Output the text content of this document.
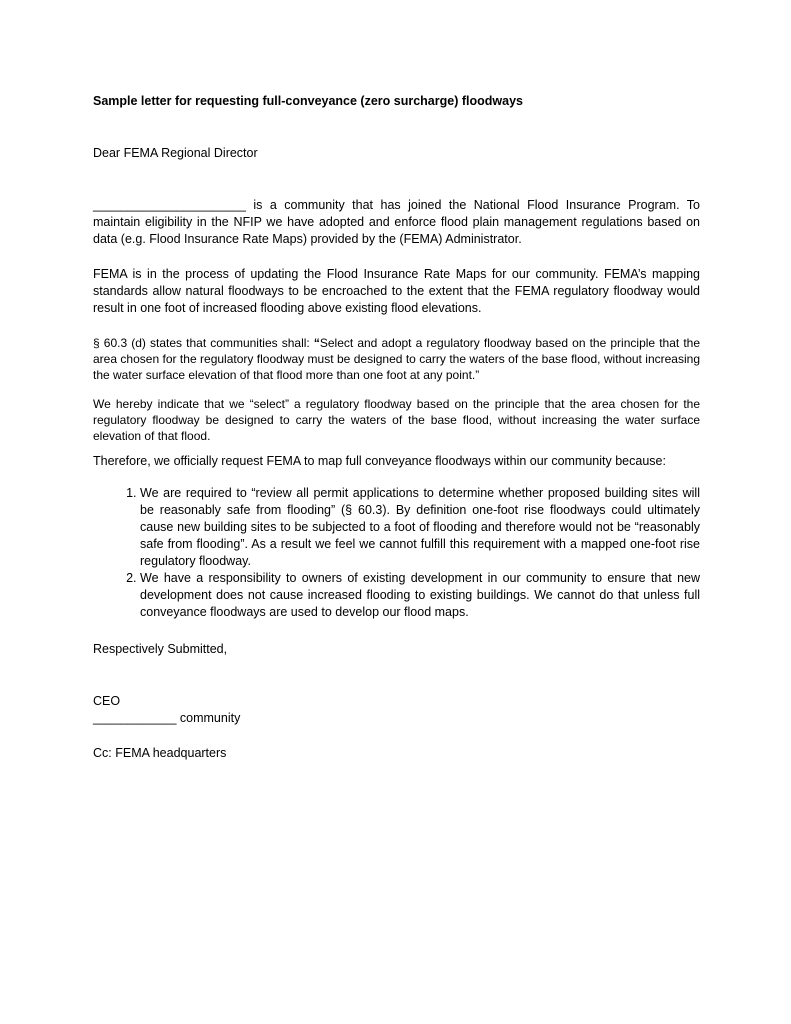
Sample letter for requesting full-conveyance (zero surcharge) floodways

Dear FEMA Regional Director

______________________ is a community that has joined the National Flood Insurance Program. To maintain eligibility in the NFIP we have adopted and enforce flood plain management regulations based on data (e.g. Flood Insurance Rate Maps) provided by the (FEMA) Administrator.

FEMA is in the process of updating the Flood Insurance Rate Maps for our community. FEMA’s mapping standards allow natural floodways to be encroached to the extent that the FEMA regulatory floodway would result in one foot of increased flooding above existing flood elevations.

§ 60.3 (d) states that communities shall: “Select and adopt a regulatory floodway based on the principle that the area chosen for the regulatory floodway must be designed to carry the waters of the base flood, without increasing the water surface elevation of that flood more than one foot at any point.”

We hereby indicate that we “select” a regulatory floodway based on the principle that the area chosen for the regulatory floodway be designed to carry the waters of the base flood, without increasing the water surface elevation of that flood.

Therefore, we officially request FEMA to map full conveyance floodways within our community because:

1. We are required to “review all permit applications to determine whether proposed building sites will be reasonably safe from flooding” (§ 60.3). By definition one-foot rise floodways could ultimately cause new building sites to be subjected to a foot of flooding and therefore would not be “reasonably safe from flooding”. As a result we feel we cannot fulfill this requirement with a mapped one-foot rise regulatory floodway.
2. We have a responsibility to owners of existing development in our community to ensure that new development does not cause increased flooding to existing buildings. We cannot do that unless full conveyance floodways are used to develop our flood maps.

Respectively Submitted,

CEO

____________ community

Cc: FEMA headquarters
